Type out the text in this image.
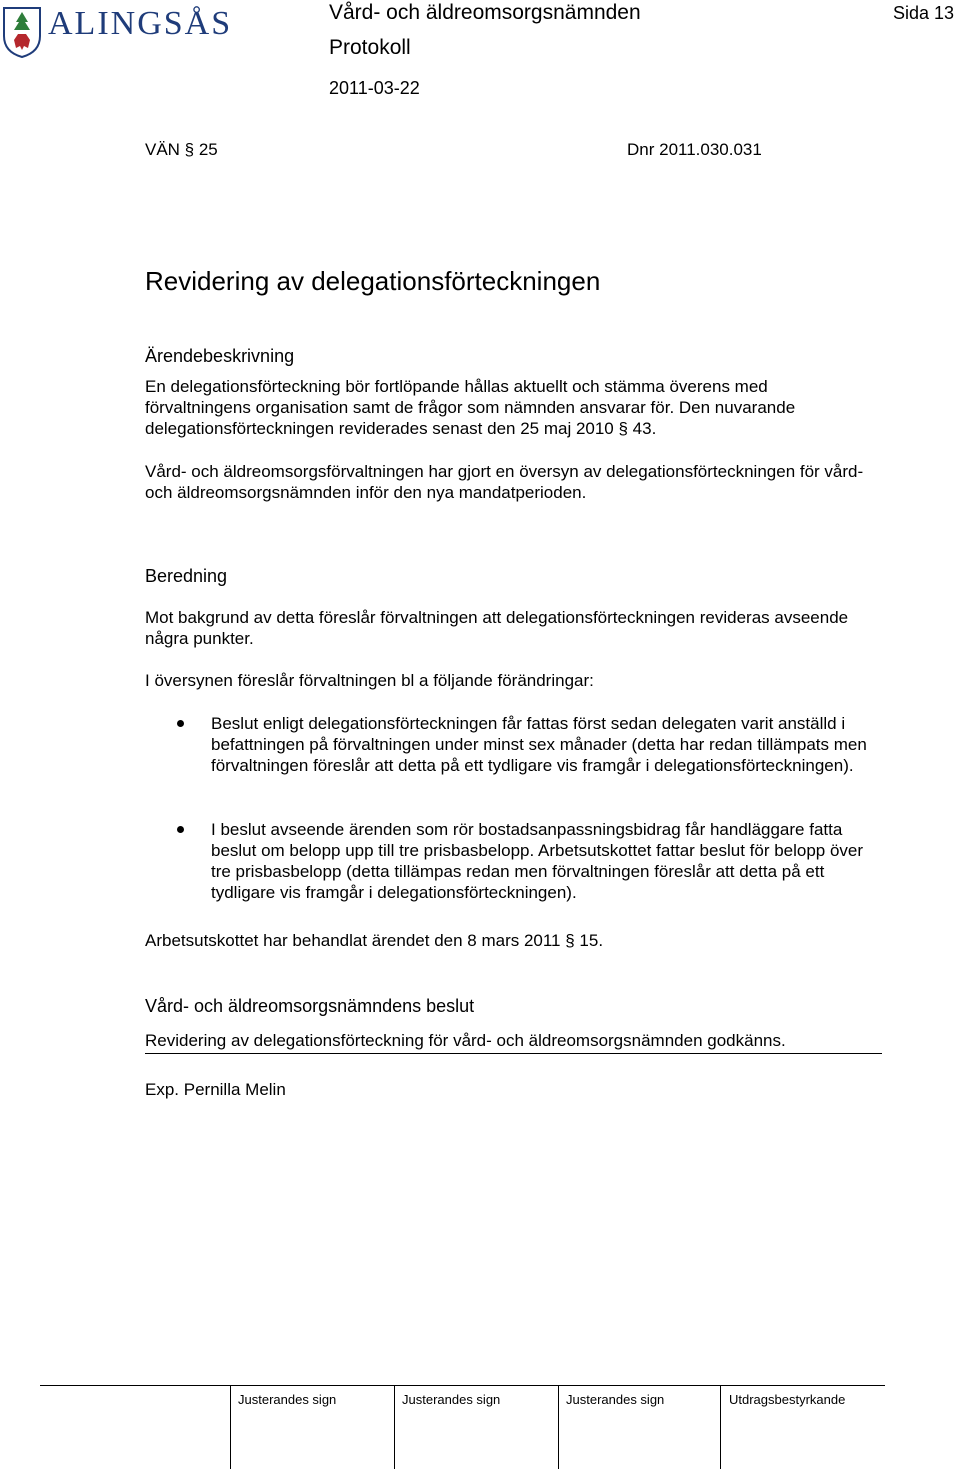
ALINGSÅS	Vård- och äldreomsorgsnämnden
Protokoll
2011-03-22
Sida 13
VÄN § 25	Dnr 2011.030.031
Revidering av delegationsförteckningen
Ärendebeskrivning
En delegationsförteckning bör fortlöpande hållas aktuellt och stämma överens med förvaltningens organisation samt de frågor som nämnden ansvarar för. Den nuvarande delegationsförteckningen reviderades senast den 25 maj 2010 § 43.
Vård- och äldreomsorgsförvaltningen har gjort en översyn av delegationsförteckningen för vård- och äldreomsorgsnämnden inför den nya mandatperioden.
Beredning
Mot bakgrund av detta föreslår förvaltningen att delegationsförteckningen revideras avseende några punkter.
I översynen föreslår förvaltningen bl a följande förändringar:
Beslut enligt delegationsförteckningen får fattas först sedan delegaten varit anställd i befattningen på förvaltningen under minst sex månader (detta har redan tillämpats men förvaltningen föreslår att detta på ett tydligare vis framgår i delegationsförteckningen).
I beslut avseende ärenden som rör bostadsanpassningsbidrag får handläggare fatta beslut om belopp upp till tre prisbasbelopp. Arbetsutskottet fattar beslut för belopp över tre prisbasbelopp (detta tillämpas redan men förvaltningen föreslår att detta på ett tydligare vis framgår i delegationsförteckningen).
Arbetsutskottet har behandlat ärendet den 8 mars 2011 § 15.
Vård- och äldreomsorgsnämndens beslut
Revidering av delegationsförteckning för vård- och äldreomsorgsnämnden godkänns.
Exp. Pernilla Melin
Justerandes sign	Justerandes sign	Justerandes sign	Utdragsbestyrkande
